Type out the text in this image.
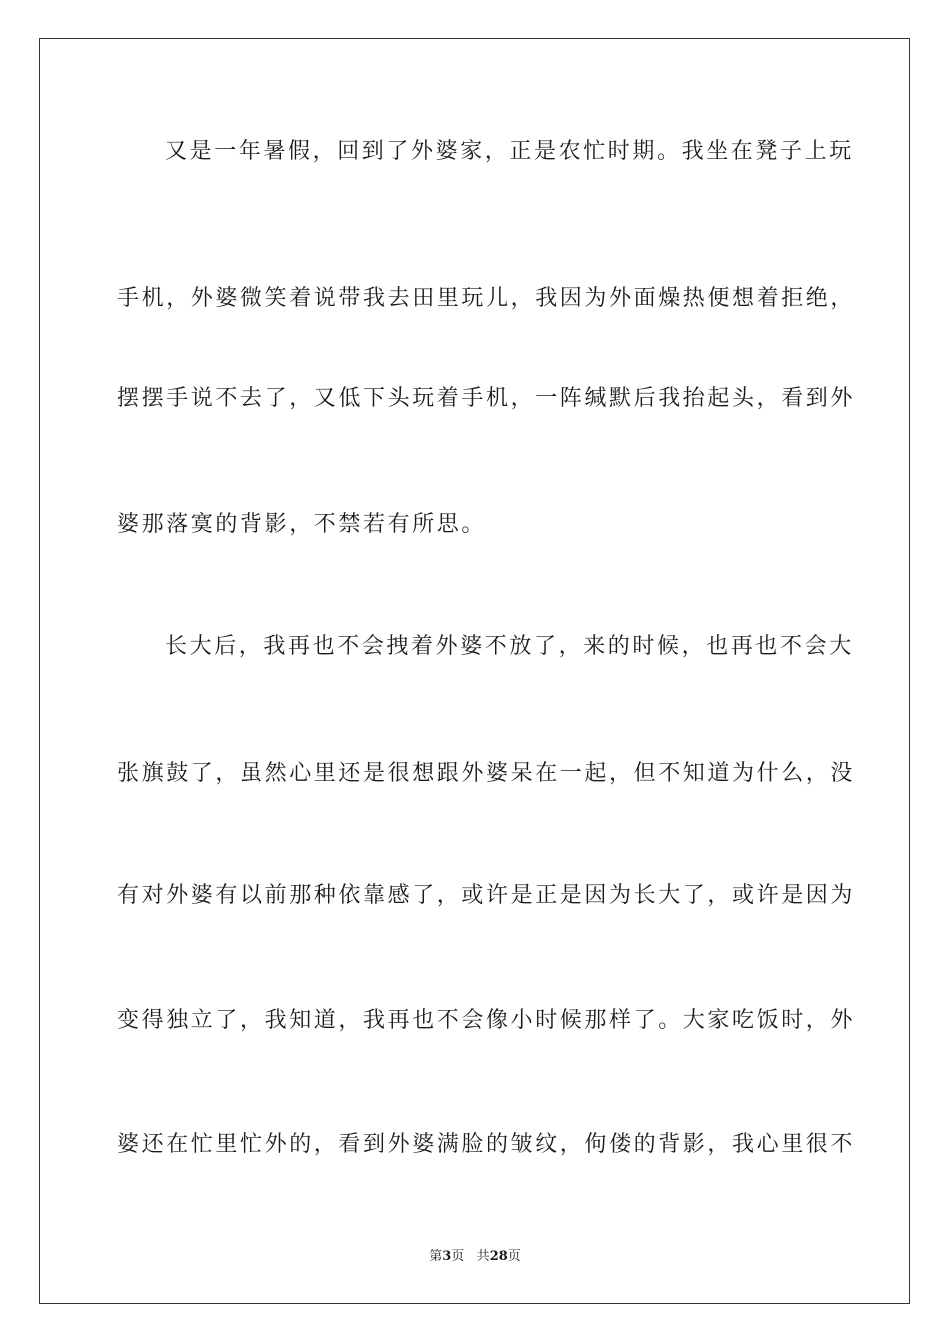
又是一年暑假，回到了外婆家，正是农忙时期。我坐在凳子上玩
手机，外婆微笑着说带我去田里玩儿，我因为外面燥热便想着拒绝，
摆摆手说不去了，又低下头玩着手机，一阵缄默后我抬起头，看到外
婆那落寞的背影，不禁若有所思。
长大后，我再也不会拽着外婆不放了，来的时候，也再也不会大
张旗鼓了，虽然心里还是很想跟外婆呆在一起，但不知道为什么，没
有对外婆有以前那种依靠感了，或许是正是因为长大了，或许是因为
变得独立了，我知道，我再也不会像小时候那样了。大家吃饭时，外
婆还在忙里忙外的，看到外婆满脸的皱纹，佝偻的背影，我心里很不
第3页 共28页
